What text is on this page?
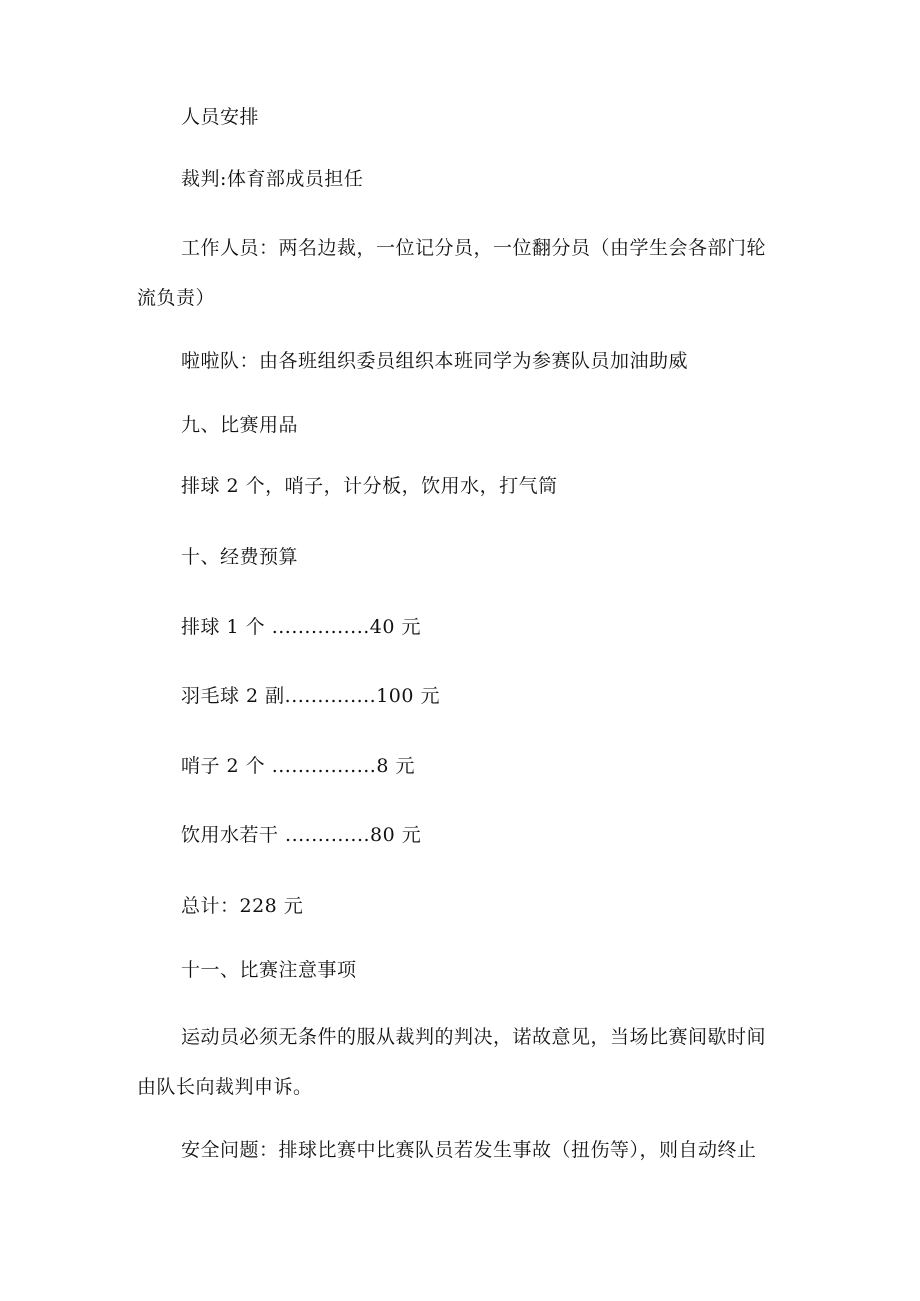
人员安排
裁判:体育部成员担任
工作人员：两名边裁，一位记分员，一位翻分员（由学生会各部门轮
流负责）
啦啦队：由各班组织委员组织本班同学为参赛队员加油助威
九、比赛用品
排球 2 个，哨子，计分板，饮用水，打气筒
十、经费预算
排球 1 个 ...............40 元
羽毛球 2 副..............100 元
哨子 2 个 ................8 元
饮用水若干 .............80 元
总计：228 元
十一、比赛注意事项
运动员必须无条件的服从裁判的判决，诺故意见，当场比赛间歇时间
由队长向裁判申诉。
安全问题：排球比赛中比赛队员若发生事故（扭伤等），则自动终止
